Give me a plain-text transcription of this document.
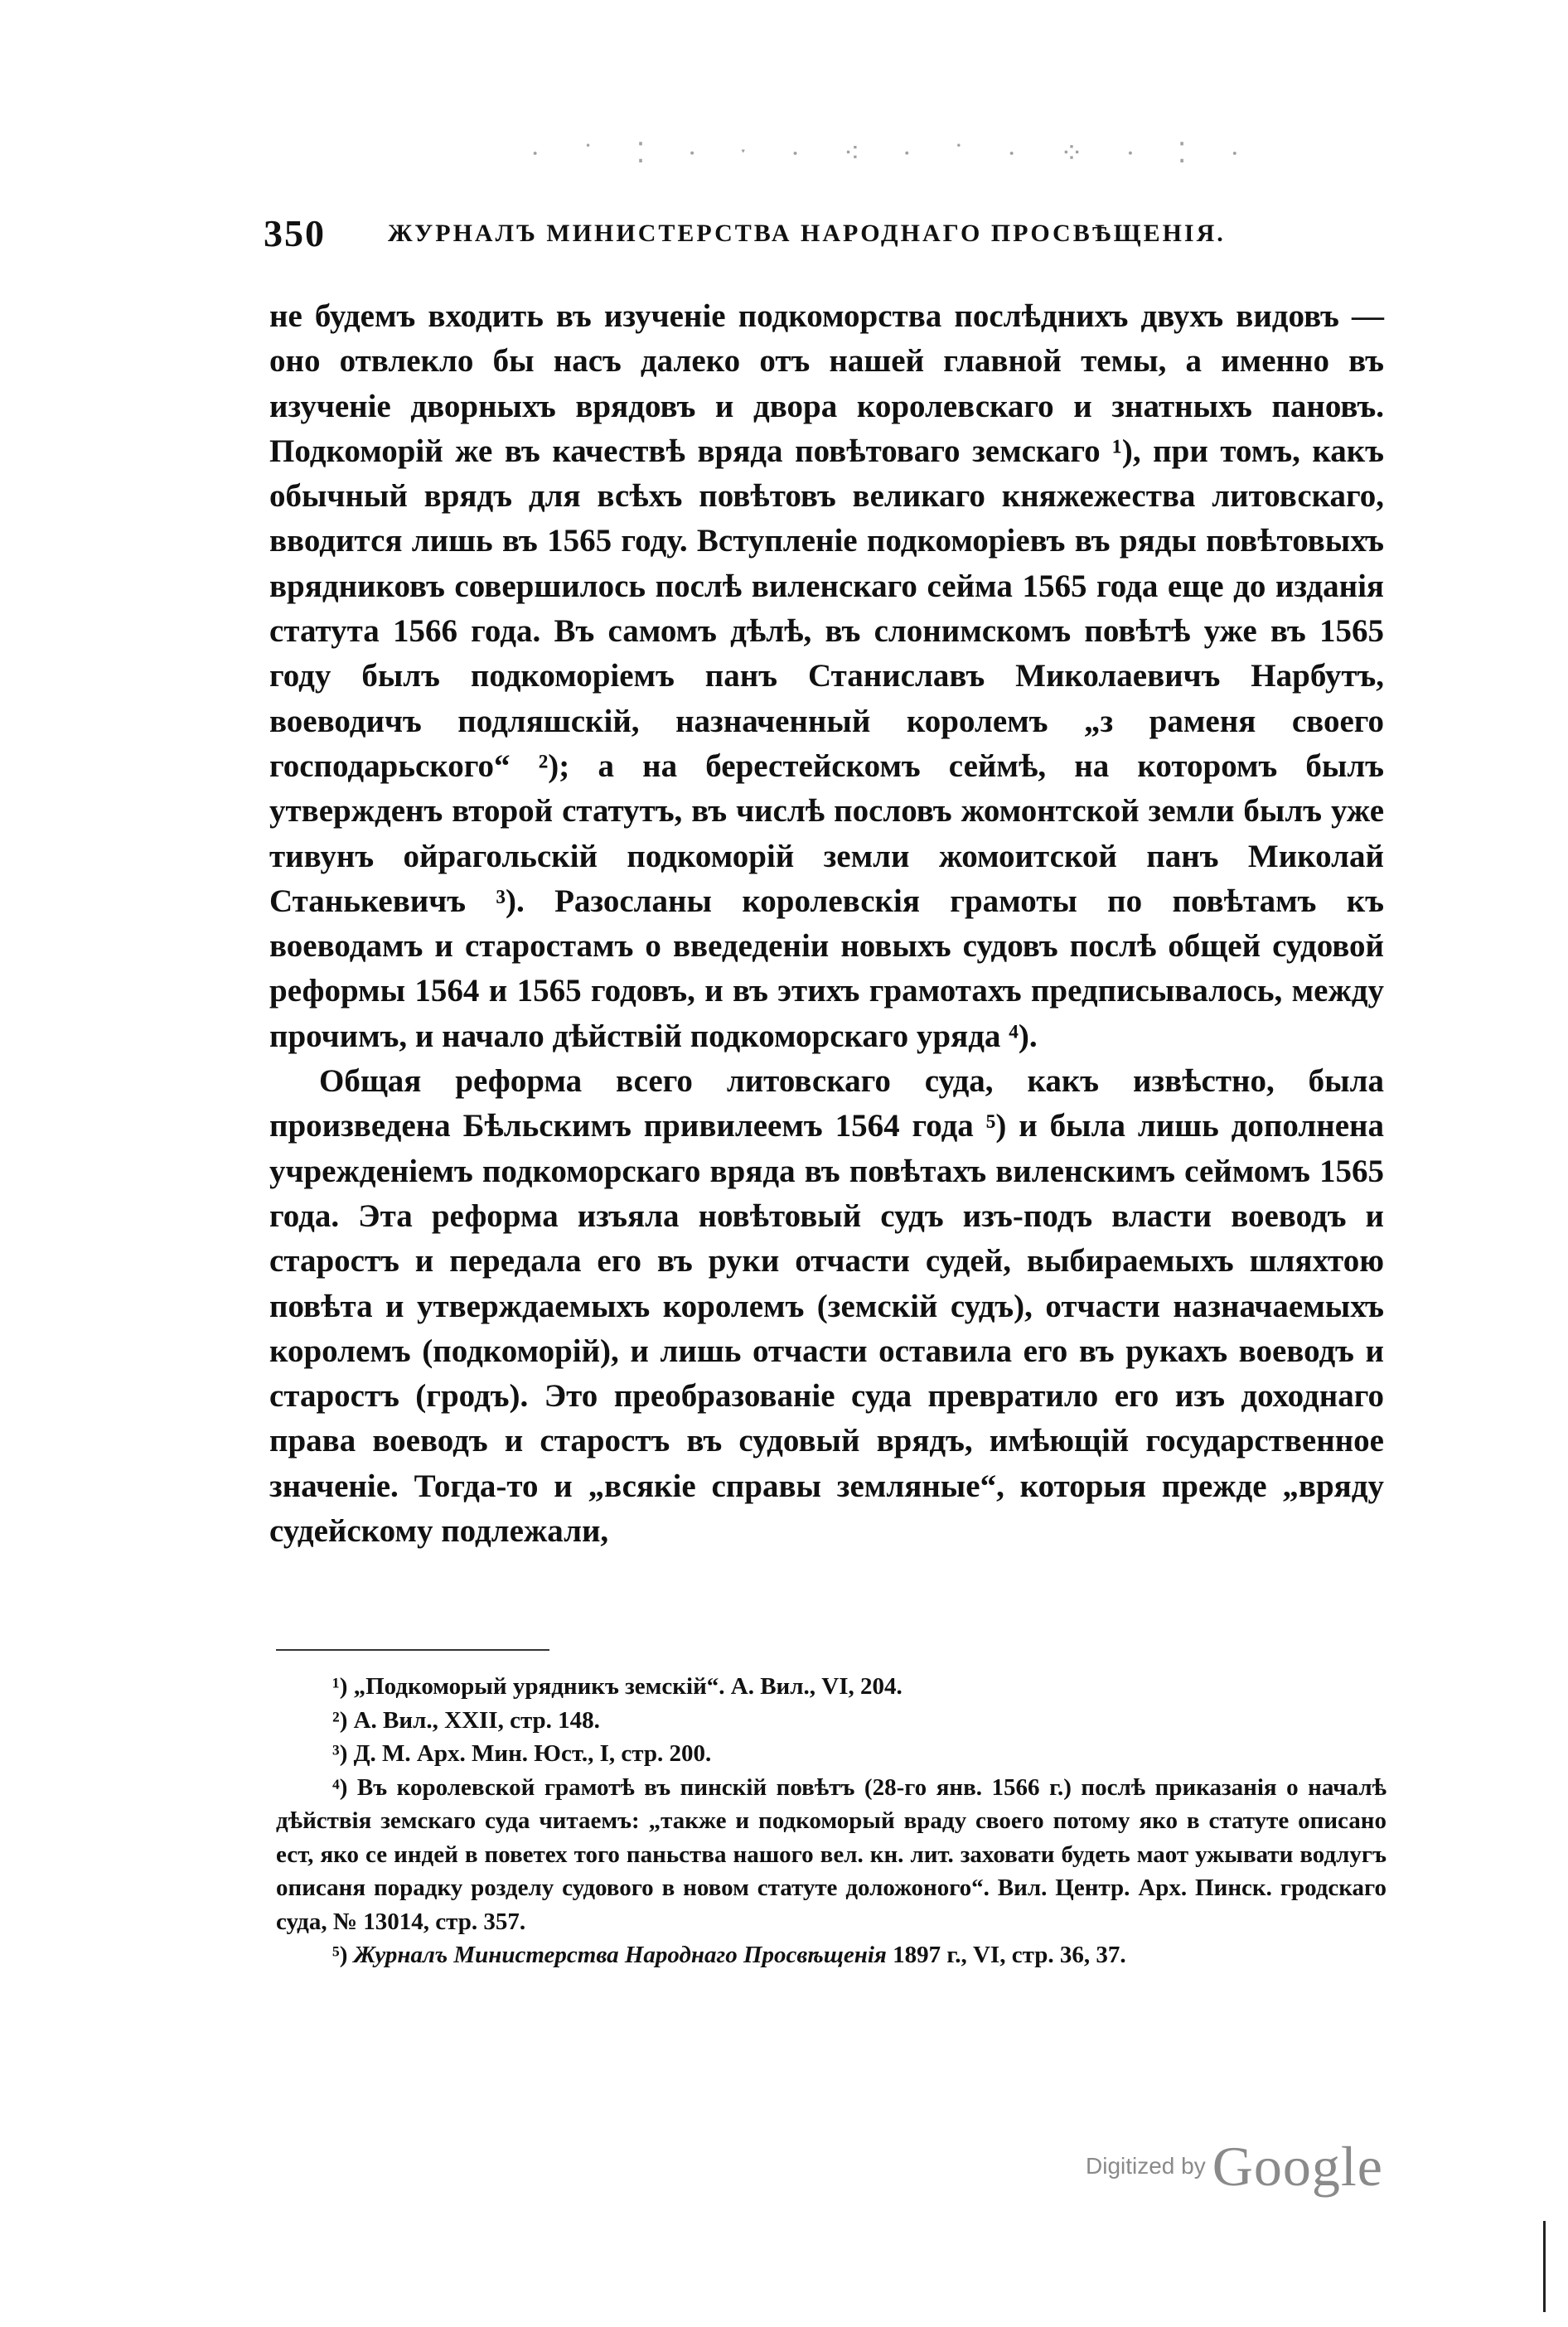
· ˙ ⁚ ∙ ˑ · ⁖ ∙ ˙ · ⁘ ∙ ⁚ ·
350	ЖУРНАЛЪ МИНИСТЕРСТВА НАРОДНАГО ПРОСВѢЩЕНІЯ.

не будемъ входить въ изученіе подкоморства послѣднихъ двухъ видовъ — оно отвлекло бы насъ далеко отъ нашей главной темы, а именно въ изученіе дворныхъ врядовъ и двора королевскаго и знатныхъ пановъ. Подкоморій же въ качествѣ вряда повѣтоваго земскаго ¹), при томъ, какъ обычный врядъ для всѣхъ повѣтовъ великаго княжежества литовскаго, вводится лишь въ 1565 году. Вступленіе подкоморіевъ въ ряды повѣтовыхъ врядниковъ совершилось послѣ виленскаго сейма 1565 года еще до изданія статута 1566 года. Въ самомъ дѣлѣ, въ слонимскомъ повѣтѣ уже въ 1565 году былъ подкоморіемъ панъ Станиславъ Миколаевичъ Нарбутъ, воеводичъ подляшскій, назначенный королемъ „з раменя своего господарьского“ ²); а на берестейскомъ сеймѣ, на которомъ былъ утвержденъ второй статутъ, въ числѣ пословъ жомонтской земли былъ уже тивунъ ойрагольскій подкоморій земли жомоитской панъ Миколай Станькевичъ ³). Разосланы королевскія грамоты по повѣтамъ къ воеводамъ и старостамъ о введеденіи новыхъ судовъ послѣ общей судовой реформы 1564 и 1565 годовъ, и въ этихъ грамотахъ предписывалось, между прочимъ, и начало дѣйствій подкоморскаго уряда ⁴).

Общая реформа всего литовскаго суда, какъ извѣстно, была произведена Бѣльскимъ привилеемъ 1564 года ⁵) и была лишь дополнена учрежденіемъ подкоморскаго вряда въ повѣтахъ виленскимъ сеймомъ 1565 года. Эта реформа изъяла новѣтовый судъ изъ-подъ власти воеводъ и старостъ и передала его въ руки отчасти судей, выбираемыхъ шляхтою повѣта и утверждаемыхъ королемъ (земскій судъ), отчасти назначаемыхъ королемъ (подкоморій), и лишь отчасти оставила его въ рукахъ воеводъ и старостъ (гродъ). Это преобразованіе суда превратило его изъ доходнаго права воеводъ и старостъ въ судовый врядъ, имѣющій государственное значеніе. Тогда-то и „всякіе справы земляные“, которыя прежде „вряду судейскому подлежали,

¹) „Подкоморый урядникъ земскій“. А. Вил., VI, 204.

²) А. Вил., XXII, стр. 148.

³) Д. М. Арх. Мин. Юст., I, стр. 200.

⁴) Въ королевской грамотѣ въ пинскій повѣтъ (28-го янв. 1566 г.) послѣ приказанія о началѣ дѣйствія земскаго суда читаемъ: „также и подкоморый враду своего потому яко в статуте описано ест, яко се индей в поветех того паньства нашого вел. кн. лит. заховати будеть маот ужывати водлугъ описаня порадку розделу судового в новом статуте доложоного“. Вил. Центр. Арх. Пинск. гродскаго суда, № 13014, стр. 357.

⁵) Журналъ Министерства Народнаго Просвѣщенія 1897 г., VI, стр. 36, 37.

Digitized by Google
